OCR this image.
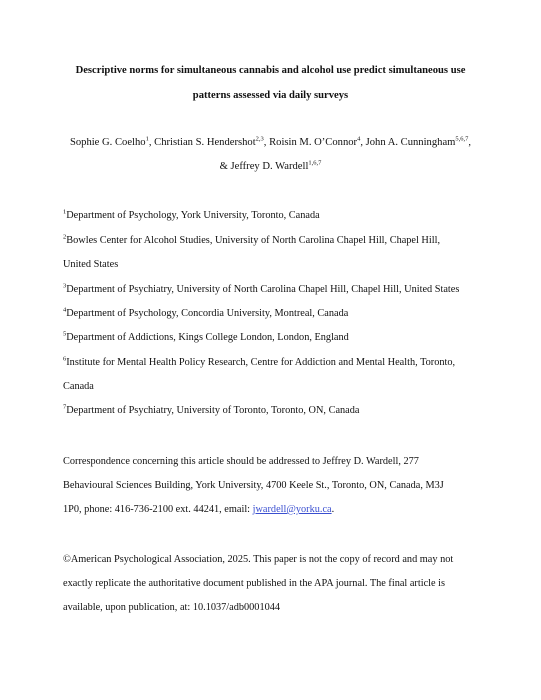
Descriptive norms for simultaneous cannabis and alcohol use predict simultaneous use
patterns assessed via daily surveys
Sophie G. Coelho$^1$, Christian S. Hendershot$^{2,3}$, Roisin M. O’Connor$^4$, John A. Cunningham$^{5,6,7}$,
& Jeffrey D. Wardell$^{1,6,7}$
$^1$Department of Psychology, York University, Toronto, Canada
$^2$Bowles Center for Alcohol Studies, University of North Carolina Chapel Hill, Chapel Hill,
United States
$^3$Department of Psychiatry, University of North Carolina Chapel Hill, Chapel Hill, United States
$^4$Department of Psychology, Concordia University, Montreal, Canada
$^5$Department of Addictions, Kings College London, London, England
$^6$Institute for Mental Health Policy Research, Centre for Addiction and Mental Health, Toronto,
Canada
$^7$Department of Psychiatry, University of Toronto, Toronto, ON, Canada
Correspondence concerning this article should be addressed to Jeffrey D. Wardell, 277
Behavioural Sciences Building, York University, 4700 Keele St., Toronto, ON, Canada, M3J
1P0, phone: 416-736-2100 ext. 44241, email: jwardell@yorku.ca.
©American Psychological Association, 2025. This paper is not the copy of record and may not
exactly replicate the authoritative document published in the APA journal. The final article is
available, upon publication, at: 10.1037/adb0001044
